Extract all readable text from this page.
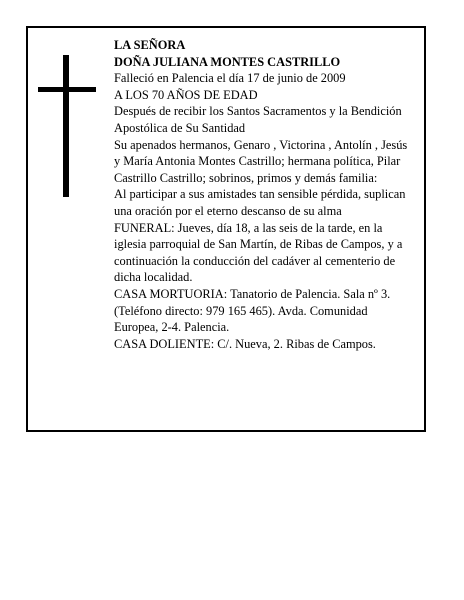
LA SEÑORA

DOÑA JULIANA MONTES CASTRILLO

Falleció en Palencia el día 17 de junio de 2009

A LOS 70 AÑOS DE EDAD

Después de recibir los Santos Sacramentos y la Bendición Apostólica de Su Santidad

Su apenados hermanos, Genaro , Victorina , Antolín , Jesús y María Antonia Montes Castrillo; hermana política, Pilar Castrillo Castrillo; sobrinos, primos y demás familia:

Al participar a sus amistades tan sensible pérdida, suplican una oración por el eterno descanso de su alma

FUNERAL: Jueves, día 18, a las seis de la tarde, en la iglesia parroquial de San Martín, de Ribas de Campos, y a continuación la conducción del cadáver al cementerio de dicha localidad.

CASA MORTUORIA: Tanatorio de Palencia. Sala nº 3. (Teléfono directo: 979 165 465). Avda. Comunidad Europea, 2-4. Palencia.

CASA DOLIENTE: C/. Nueva, 2. Ribas de Campos.
